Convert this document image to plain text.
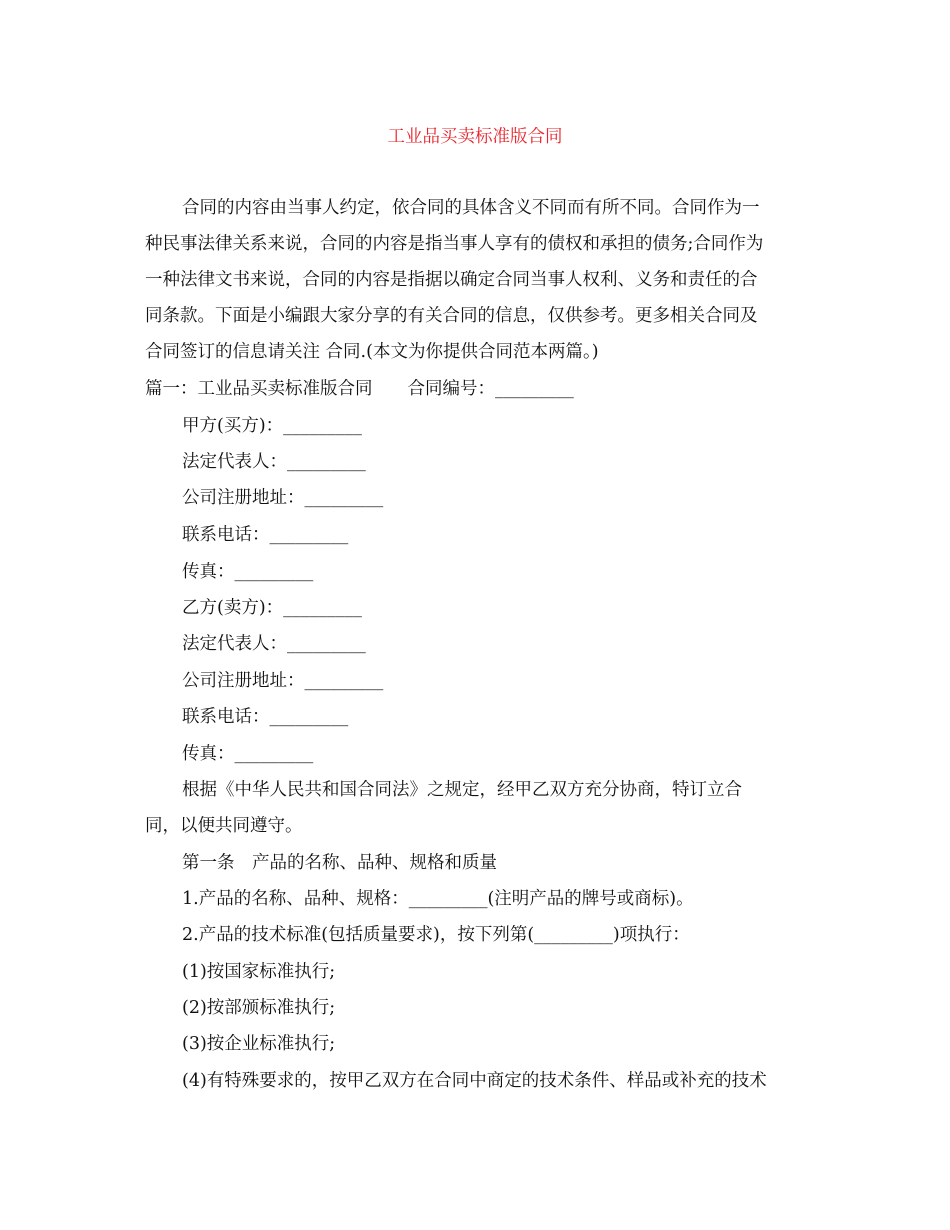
工业品买卖标准版合同
合同的内容由当事人约定，依合同的具体含义不同而有所不同。合同作为一
种民事法律关系来说，合同的内容是指当事人享有的债权和承担的债务;合同作为
一种法律文书来说，合同的内容是指据以确定合同当事人权利、义务和责任的合
同条款。下面是小编跟大家分享的有关合同的信息，仅供参考。更多相关合同及
合同签订的信息请关注 合同.(本文为你提供合同范本两篇。)
篇一：工业品买卖标准版合同　　合同编号：_________
甲方(买方)：_________
法定代表人：_________
公司注册地址：_________
联系电话：_________
传真：_________
乙方(卖方)：_________
法定代表人：_________
公司注册地址：_________
联系电话：_________
传真：_________
根据《中华人民共和国合同法》之规定，经甲乙双方充分协商，特订立合
同，以便共同遵守。
第一条　产品的名称、品种、规格和质量
1.产品的名称、品种、规格：_________(注明产品的牌号或商标)。
2.产品的技术标准(包括质量要求)，按下列第(_________)项执行：
(1)按国家标准执行;
(2)按部颁标准执行;
(3)按企业标准执行;
(4)有特殊要求的，按甲乙双方在合同中商定的技术条件、样品或补充的技术
